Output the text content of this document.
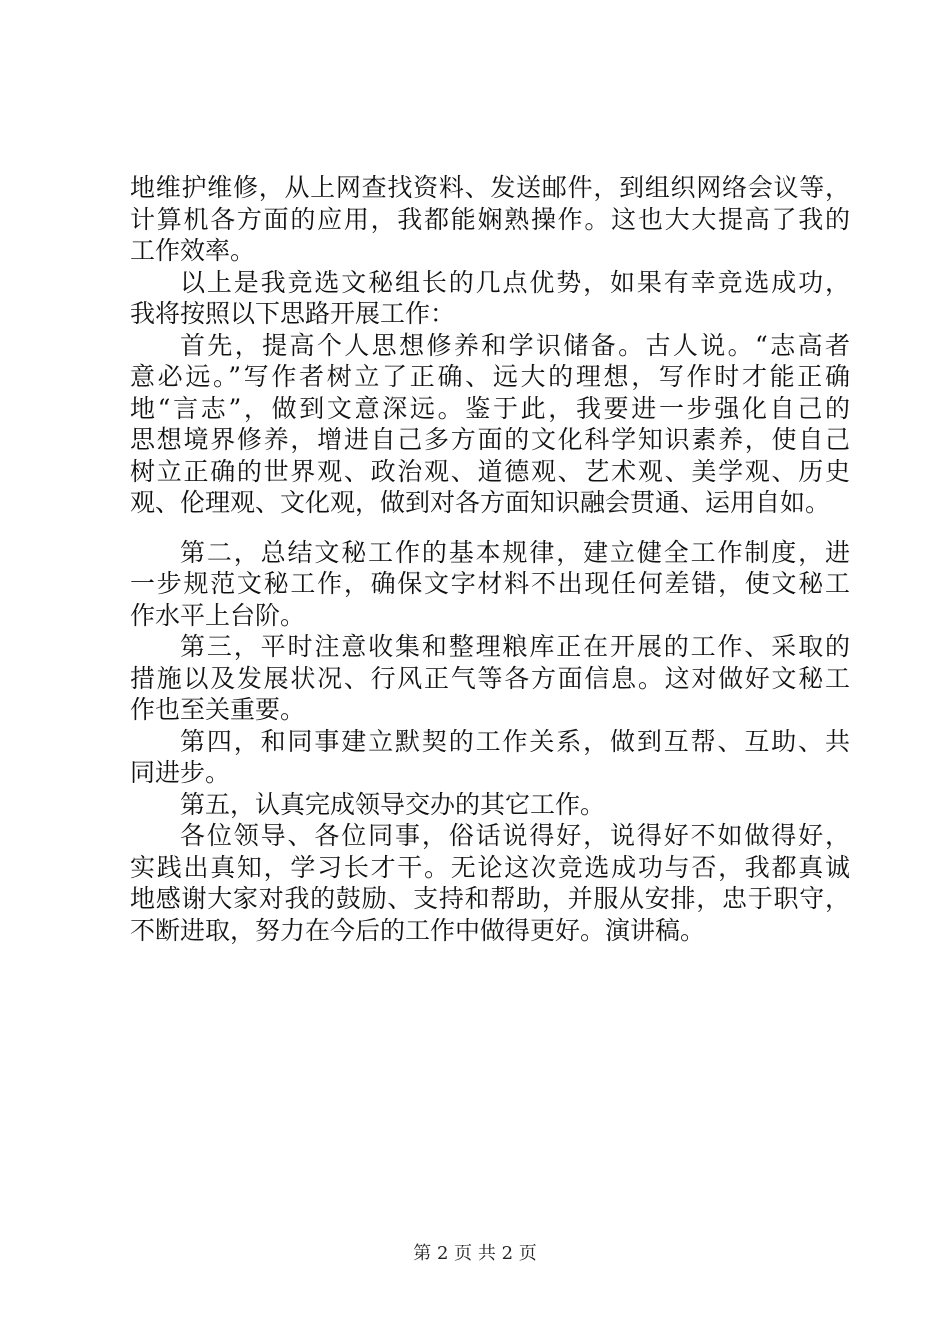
地维护维修，从上网查找资料、发送邮件，到组织网络会议等，
计算机各方面的应用，我都能娴熟操作。这也大大提高了我的
工作效率。
以上是我竞选文秘组长的几点优势，如果有幸竞选成功，
我将按照以下思路开展工作：
首先，提高个人思想修养和学识储备。古人说。“志高者
意必远。”写作者树立了正确、远大的理想，写作时才能正确
地“言志”，做到文意深远。鉴于此，我要进一步强化自己的
思想境界修养，增进自己多方面的文化科学知识素养，使自己
树立正确的世界观、政治观、道德观、艺术观、美学观、历史
观、伦理观、文化观，做到对各方面知识融会贯通、运用自如。
第二，总结文秘工作的基本规律，建立健全工作制度，进
一步规范文秘工作，确保文字材料不出现任何差错，使文秘工
作水平上台阶。
第三，平时注意收集和整理粮库正在开展的工作、采取的
措施以及发展状况、行风正气等各方面信息。这对做好文秘工
作也至关重要。
第四，和同事建立默契的工作关系，做到互帮、互助、共
同进步。
第五，认真完成领导交办的其它工作。
各位领导、各位同事，俗话说得好，说得好不如做得好，
实践出真知，学习长才干。无论这次竞选成功与否，我都真诚
地感谢大家对我的鼓励、支持和帮助，并服从安排，忠于职守，
不断进取，努力在今后的工作中做得更好。演讲稿。
第 2 页 共 2 页
